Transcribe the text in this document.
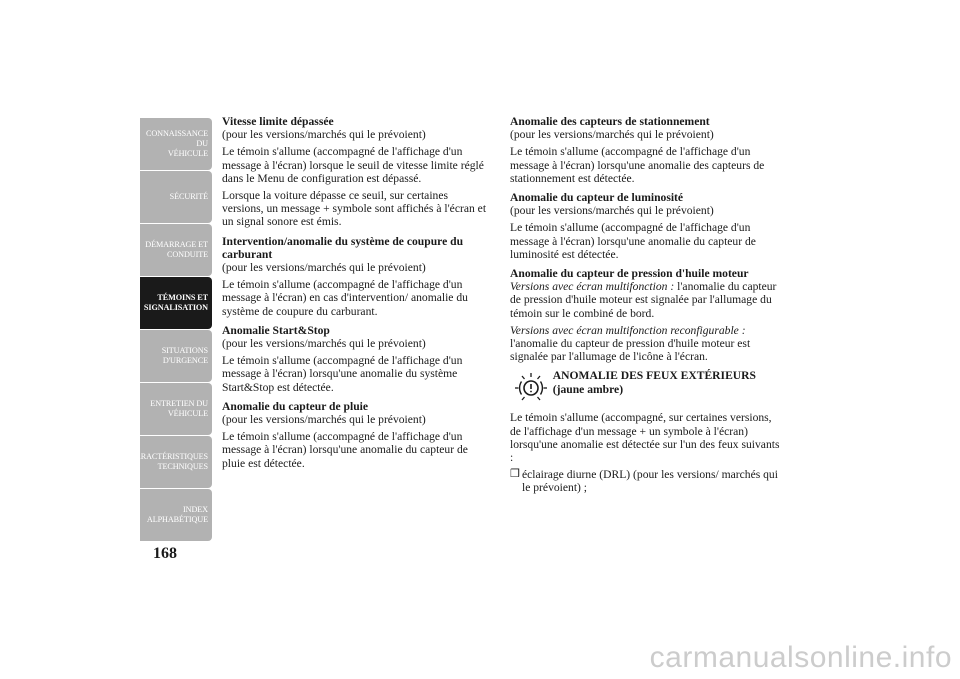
CONNAISSANCE DU
VÉHICULE
SÉCURITÉ
DÉMARRAGE ET
CONDUITE
TÉMOINS ET
SIGNALISATION
SITUATIONS
D'URGENCE
ENTRETIEN DU
VÉHICULE
CARACTÉRISTIQUES
TECHNIQUES
INDEX
ALPHABÉTIQUE
168
Vitesse limite dépassée

(pour les versions/marchés qui le prévoient)

Le témoin s'allume (accompagné de l'affichage d'un message à l'écran) lorsque le seuil de vitesse limite réglé dans le Menu de configuration est dépassé.

Lorsque la voiture dépasse ce seuil, sur certaines versions, un message + symbole sont affichés à l'écran et un signal sonore est émis.

Intervention/anomalie du système de coupure du carburant

(pour les versions/marchés qui le prévoient)

Le témoin s'allume (accompagné de l'affichage d'un message à l'écran) en cas d'intervention/ anomalie du système de coupure du carburant.

Anomalie Start&Stop

(pour les versions/marchés qui le prévoient)

Le témoin s'allume (accompagné de l'affichage d'un message à l'écran) lorsqu'une anomalie du système Start&Stop est détectée.

Anomalie du capteur de pluie

(pour les versions/marchés qui le prévoient)

Le témoin s'allume (accompagné de l'affichage d'un message à l'écran) lorsqu'une anomalie du capteur de pluie est détectée.

Anomalie des capteurs de stationnement

(pour les versions/marchés qui le prévoient)

Le témoin s'allume (accompagné de l'affichage d'un message à l'écran) lorsqu'une anomalie des capteurs de stationnement est détectée.

Anomalie du capteur de luminosité

(pour les versions/marchés qui le prévoient)

Le témoin s'allume (accompagné de l'affichage d'un message à l'écran) lorsqu'une anomalie du capteur de luminosité est détectée.

Anomalie du capteur de pression d'huile moteur

Versions avec écran multifonction : l'anomalie du capteur de pression d'huile moteur est signalée par l'allumage du témoin sur le combiné de bord.

Versions avec écran multifonction reconfigurable : l'anomalie du capteur de pression d'huile moteur est signalée par l'allumage de l'icône à l'écran.

ANOMALIE DES FEUX EXTÉRIEURS (jaune ambre)

Le témoin s'allume (accompagné, sur certaines versions, de l'affichage d'un message + un symbole à l'écran) lorsqu'une anomalie est détectée sur l'un des feux suivants :

❒ éclairage diurne (DRL) (pour les versions/ marchés qui le prévoient) ;
carmanualsonline.info
